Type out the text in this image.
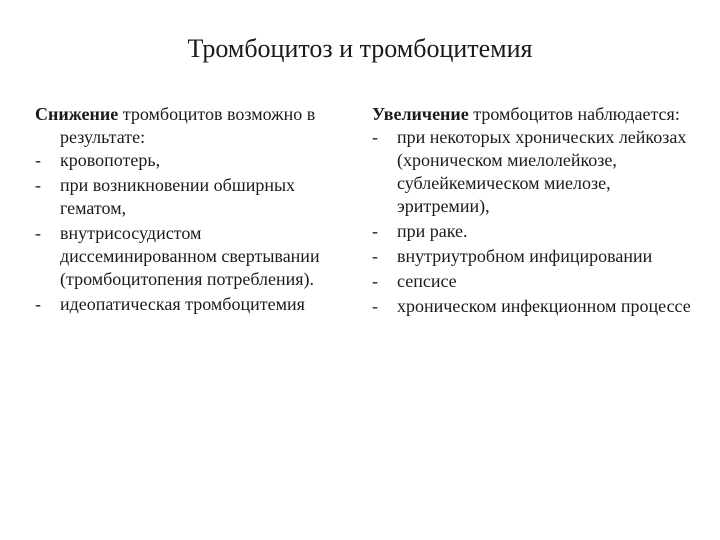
Тромбоцитоз и тромбоцитемия

Снижение тромбоцитов возможно в результате:

- кровопотерь,
- при возникновении обширных гематом,
- внутрисосудистом диссеминированном свертывании (тромбоцитопения потребления).
- идеопатическая тромбоцитемия

Увеличение тромбоцитов наблюдается:

- при некоторых хронических лейкозах (хроническом миелолейкозе, сублейкемическом миелозе, эритремии),
- при раке.
- внутриутробном инфицировании
- сепсисе
- хроническом инфекционном процессе
